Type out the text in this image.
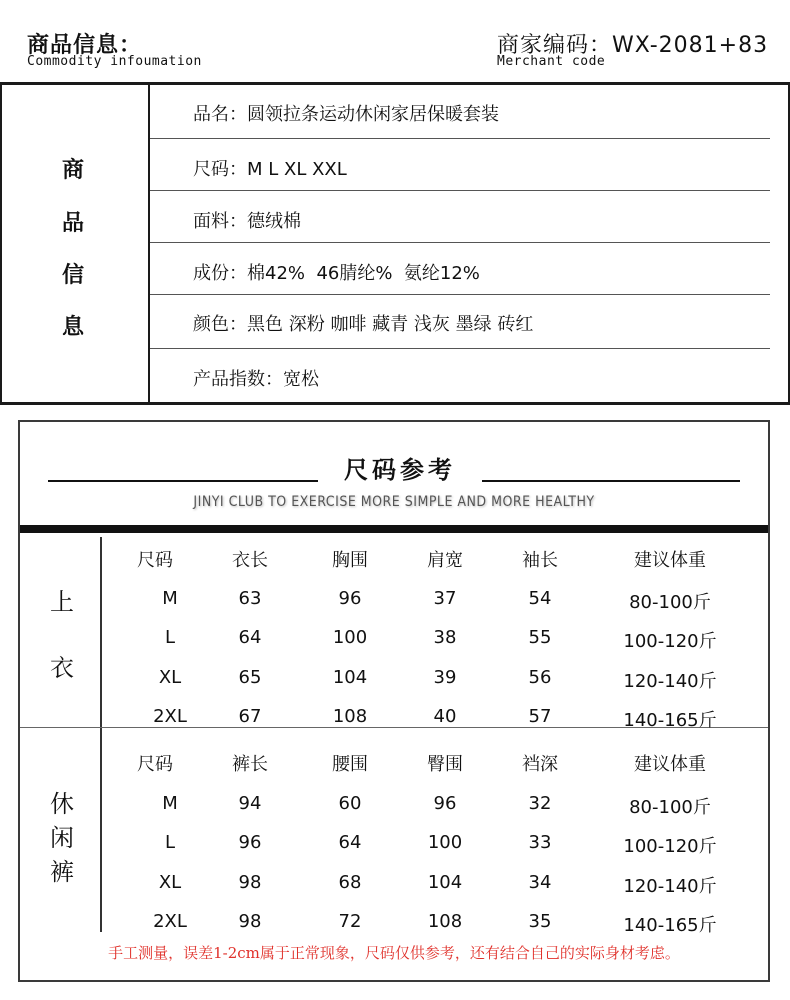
商品信息：
Commodity infoumation
商家编码：WX-2081+83
Merchant code
商
品
信
息
品名：圆领拉条运动休闲家居保暖套装
尺码：M L XL XXL
面料：德绒棉
成份：棉42%  46腈纶%  氨纶12%
颜色：黑色 深粉 咖啡 藏青 浅灰 墨绿 砖红
产品指数：宽松
尺码参考
JINYI CLUB TO EXERCISE MORE SIMPLE AND MORE HEALTHY
上
衣
休
闲
裤
尺码	衣长	胸围	肩宽	袖长	建议体重
M	63	96	37	54	80-100斤
L	64	100	38	55	100-120斤
XL	65	104	39	56	120-140斤
2XL	67	108	40	57	140-165斤
尺码	裤长	腰围	臀围	裆深	建议体重
M	94	60	96	32	80-100斤
L	96	64	100	33	100-120斤
XL	98	68	104	34	120-140斤
2XL	98	72	108	35	140-165斤
手工测量，误差1-2cm属于正常现象，尺码仅供参考，还有结合自己的实际身材考虑。
